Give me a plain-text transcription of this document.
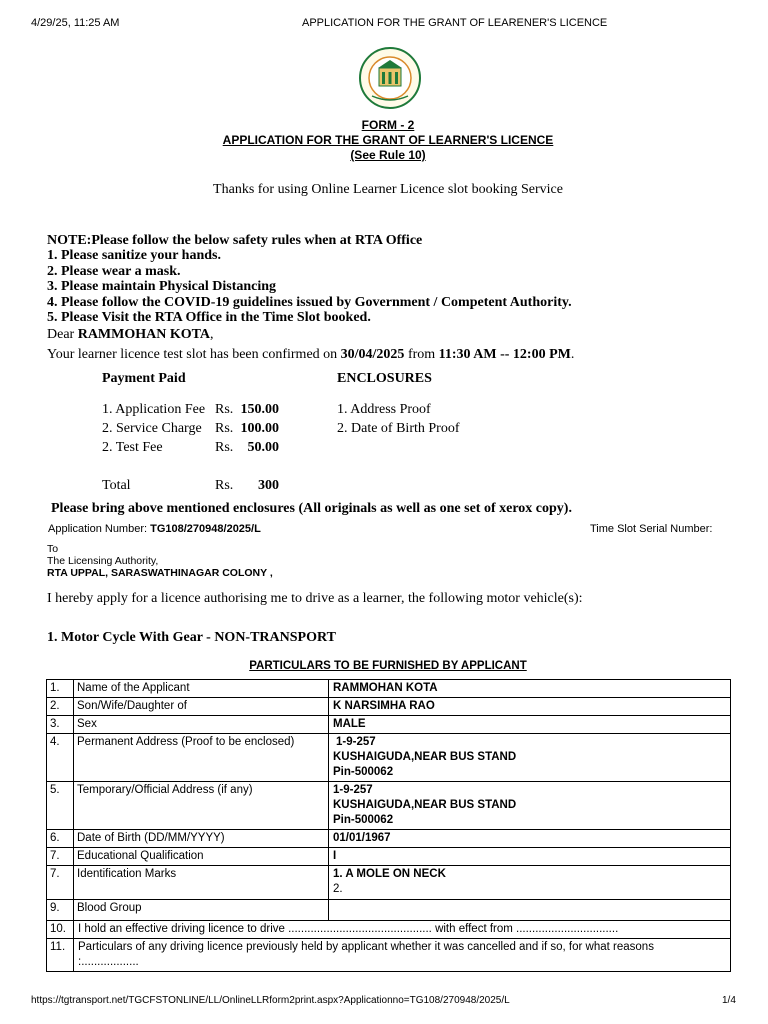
4/29/25, 11:25 AM	APPLICATION FOR THE GRANT OF LEARENER'S LICENCE
FORM - 2
APPLICATION FOR THE GRANT OF LEARNER'S LICENCE
(See Rule 10)
Thanks for using Online Learner Licence slot booking Service
NOTE:Please follow the below safety rules when at RTA Office
1. Please sanitize your hands.
2. Please wear a mask.
3. Please maintain Physical Distancing
4. Please follow the COVID-19 guidelines issued by Government / Competent Authority.
5. Please Visit the RTA Office in the Time Slot booked.
Dear RAMMOHAN KOTA,
Your learner licence test slot has been confirmed on 30/04/2025 from 11:30 AM -- 12:00 PM.
Payment Paid	ENCLOSURES
1. Application Fee Rs. 150.00
2. Service Charge Rs. 100.00
2. Test Fee	Rs.	50.00
Total	Rs.	300
1. Address Proof
2. Date of Birth Proof
Please bring above mentioned enclosures (All originals as well as one set of xerox copy).
Application Number: TG108/270948/2025/L	Time Slot Serial Number:
To
The Licensing Authority,
RTA UPPAL, SARASWATHINAGAR COLONY ,
I hereby apply for a licence authorising me to drive as a learner, the following motor vehicle(s):
1. Motor Cycle With Gear - NON-TRANSPORT
PARTICULARS TO BE FURNISHED BY APPLICANT
1.	Name of the Applicant	RAMMOHAN KOTA
2.	Son/Wife/Daughter of	K NARSIMHA RAO
3.	Sex	MALE
4.	Permanent Address (Proof to be enclosed)	1-9-257
KUSHAIGUDA,NEAR BUS STAND
Pin-500062

5.	Temporary/Official Address (if any)	1-9-257
KUSHAIGUDA,NEAR BUS STAND
Pin-500062

6.	Date of Birth (DD/MM/YYYY)	01/01/1967
7.	Educational Qualification	I
7.	Identification Marks	1. A MOLE ON NECK
2.

9.	Blood Group	
10.	I hold an effective driving licence to drive ............................................. with effect from ................................	
11.	Particulars of any driving licence previously held by applicant whether it was cancelled and if so, for what reasons
:..................	
https://tgtransport.net/TGCFSTONLINE/LL/OnlineLLRform2print.aspx?Applicationno=TG108/270948/2025/L	1/4
